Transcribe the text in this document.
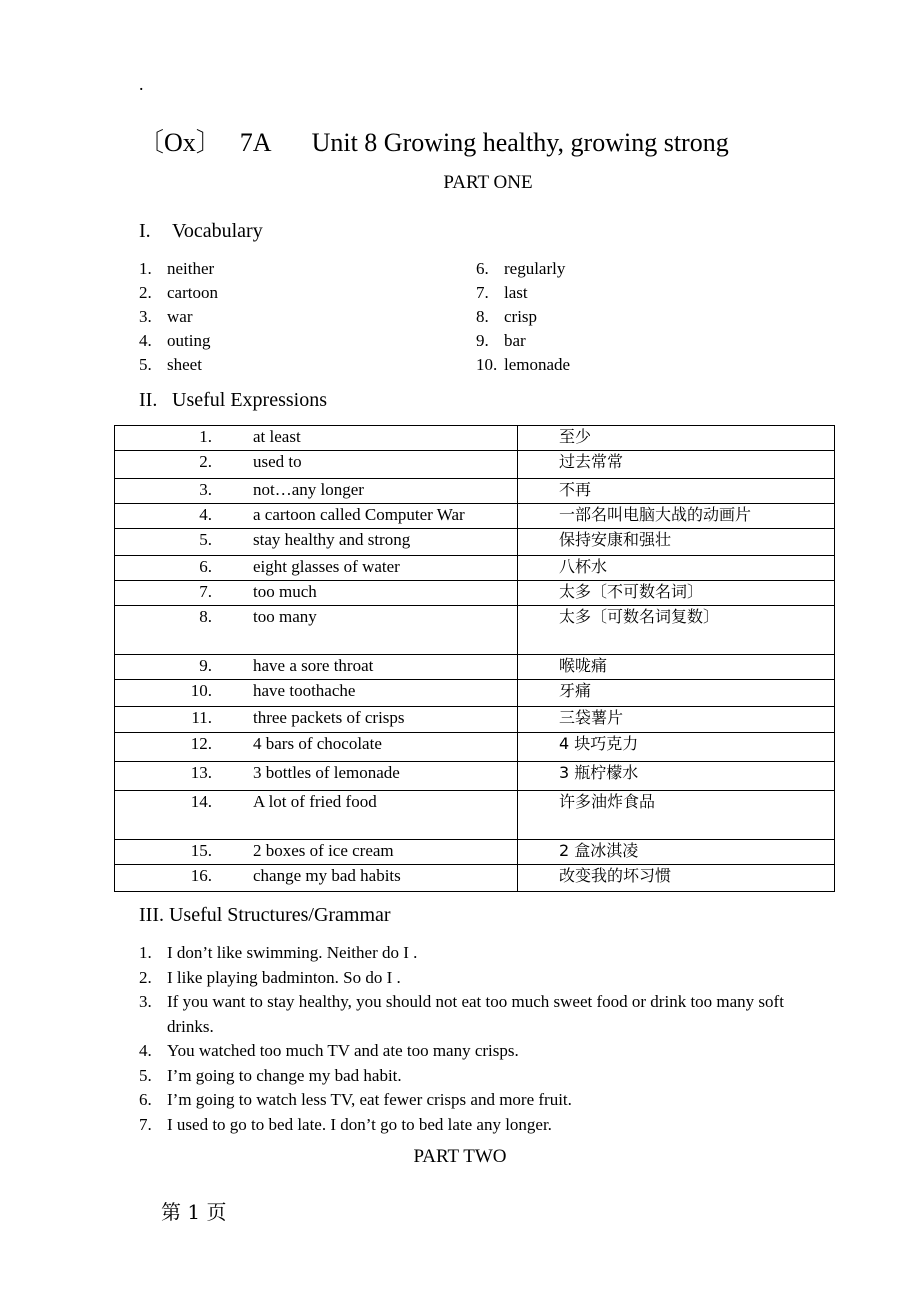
.
〔Ox〕 7A Unit 8 Growing healthy, growing strong
PART ONE
I. Vocabulary
1. neither
2. cartoon
3. war
4. outing
5. sheet
6. regularly
7. last
8. crisp
9. bar
10. lemonade
II. Useful Expressions
1. at least	至少
2. used to	过去常常
3. not…any longer	不再
4. a cartoon called Computer War	一部名叫电脑大战的动画片
5. stay healthy and strong	保持安康和强壮
6. eight glasses of water	八杯水
7. too much	太多〔不可数名词〕
8. too many	太多〔可数名词复数〕
9. have a sore throat	喉咙痛
10. have toothache	牙痛
11. three packets of crisps	三袋薯片
12. 4 bars of chocolate	4 块巧克力
13. 3 bottles of lemonade	3 瓶柠檬水
14. A lot of fried food	许多油炸食品
15. 2 boxes of ice cream	2 盒冰淇凌
16. change my bad habits	改变我的坏习惯
III. Useful Structures/Grammar
1. I don’t like swimming. Neither do I .
2. I like playing badminton. So do I .
3. If you want to stay healthy, you should not eat too much sweet food or drink too many soft drinks.
4. You watched too much TV and ate too many crisps.
5. I’m going to change my bad habit.
6. I’m going to watch less TV, eat fewer crisps and more fruit.
7. I used to go to bed late. I don’t go to bed late any longer.
PART TWO
第 1 页
